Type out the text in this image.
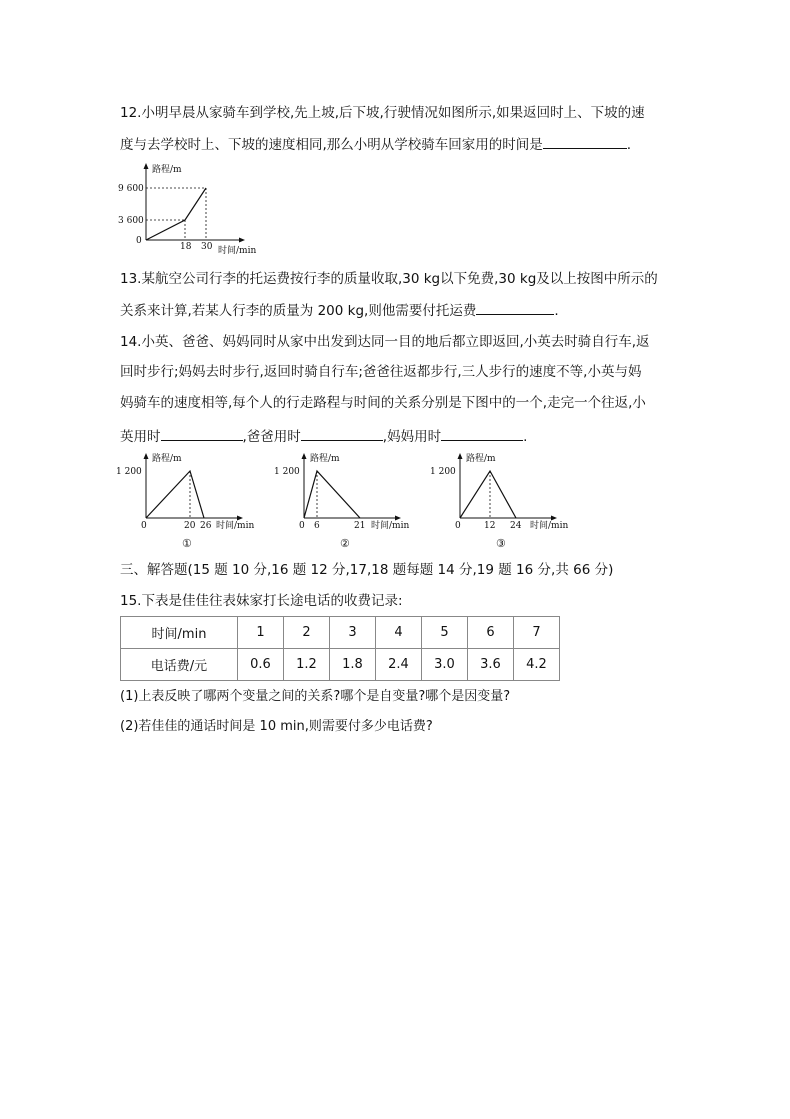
12.小明早晨从家骑车到学校,先上坡,后下坡,行驶情况如图所示,如果返回时上、下坡的速
度与去学校时上、下坡的速度相同,那么小明从学校骑车回家用的时间是	.
路程/m
时间/min
9 600
3 600
0
18 30
13.某航空公司行李的托运费按行李的质量收取,30 kg以下免费,30 kg及以上按图中所示的
关系来计算,若某人行李的质量为 200 kg,则他需要付托运费	.
14.小英、爸爸、妈妈同时从家中出发到达同一目的地后都立即返回,小英去时骑自行车,返
回时步行;妈妈去时步行,返回时骑自行车;爸爸往返都步行,三人步行的速度不等,小英与妈
妈骑车的速度相等,每个人的行走路程与时间的关系分别是下图中的一个,走完一个往返,小
英用时	,爸爸用时	,妈妈用时	.
路程/m
1 200
0	20 26 时间/min
①
路程/m
1 200
0 6	21 时间/min
②
路程/m
1 200
0	12 24 时间/min
③
三、解答题(15 题 10 分,16 题 12 分,17,18 题每题 14 分,19 题 16 分,共 66 分)
15.下表是佳佳往表妹家打长途电话的收费记录:
时间/min	1	2	3	4	5	6	7
电话费/元	0.6	1.2	1.8	2.4	3.0	3.6	4.2
(1)上表反映了哪两个变量之间的关系?哪个是自变量?哪个是因变量?
(2)若佳佳的通话时间是 10 min,则需要付多少电话费?
